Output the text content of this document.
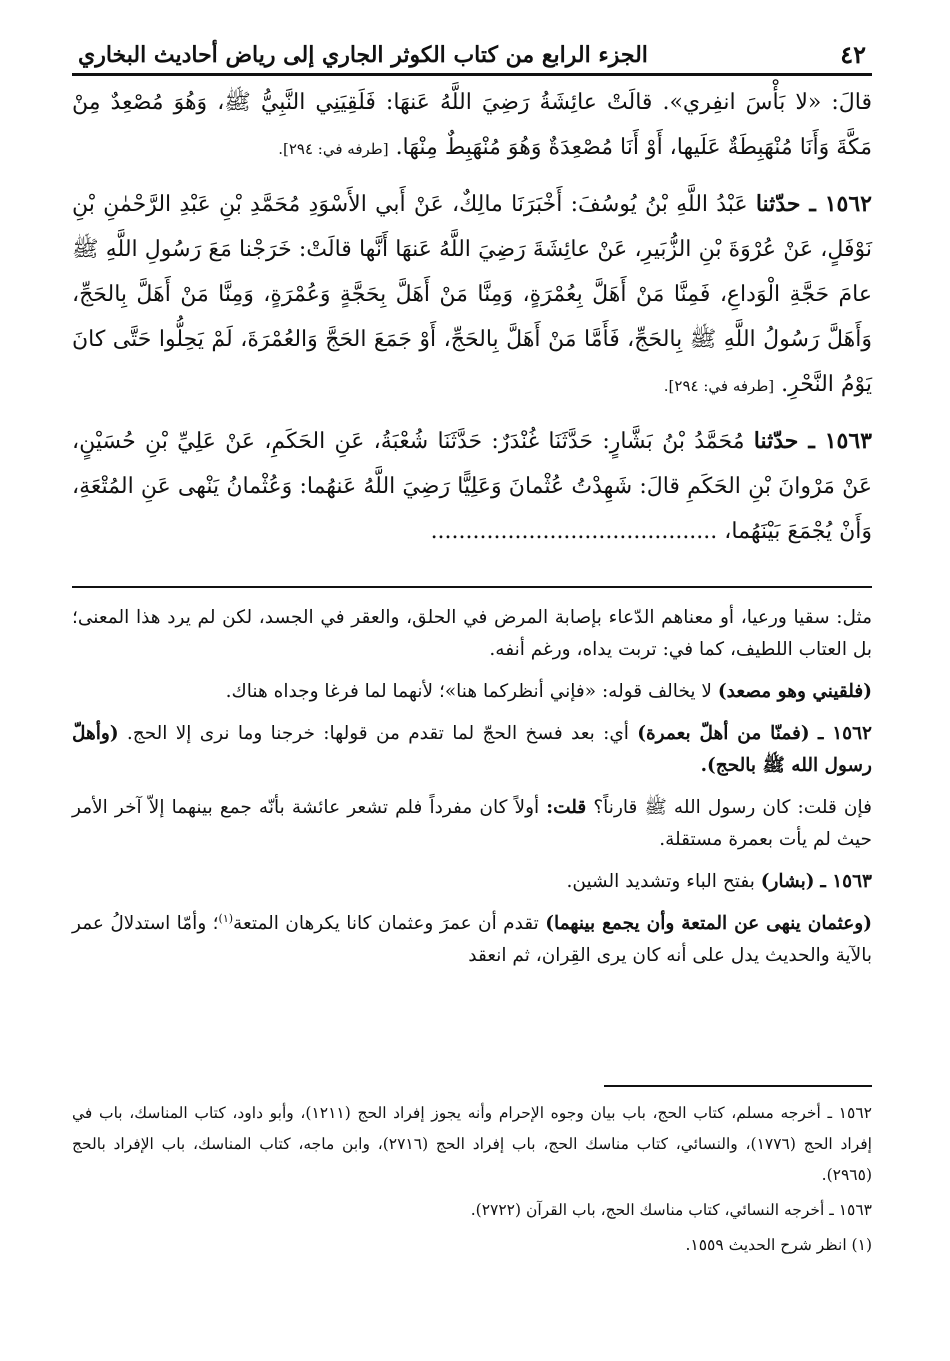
٤٢
الجزء الرابع من كتاب الكوثر الجاري إلى رياض أحاديث البخاري

قالَ: «لا بَأْسَ انفِري». قالَتْ عائِشَةُ رَضِيَ اللَّهُ عَنهَا: فَلَقِيَنِي النَّبِيُّ ﷺ، وَهُوَ مُصْعِدٌ مِنْ مَكَّةَ وَأَنَا مُنْهَبِطَةٌ عَلَيها، أَوْ أَنَا مُصْعِدَةٌ وَهُوَ مُنْهَبِطٌ مِنْهَا. [طرفه في: ٢٩٤].

١٥٦٢ ـ حدّثنا عَبْدُ اللَّهِ بْنُ يُوسُفَ: أَخْبَرَنَا مالِكٌ، عَنْ أَبي الأَسْوَدِ مُحَمَّدِ بْنِ عَبْدِ الرَّحْمٰنِ بْنِ نَوْفَلٍ، عَنْ عُرْوَةَ بْنِ الزُّبَيرِ، عَنْ عائِشَةَ رَضِيَ اللَّهُ عَنهَا أَنَّها قالَتْ: خَرَجْنا مَعَ رَسُولِ اللَّهِ ﷺ عامَ حَجَّةِ الْوَداعِ، فَمِنَّا مَنْ أَهَلَّ بِعُمْرَةٍ، وَمِنَّا مَنْ أَهَلَّ بِحَجَّةٍ وَعُمْرَةٍ، وَمِنَّا مَنْ أَهَلَّ بِالحَجِّ، وَأَهَلَّ رَسُولُ اللَّهِ ﷺ بِالحَجِّ، فَأَمَّا مَنْ أَهَلَّ بِالحَجِّ، أَوْ جَمَعَ الحَجَّ وَالعُمْرَةَ، لَمْ يَحِلُّوا حَتَّى كانَ يَوْمُ النَّحْرِ. [طرفه في: ٢٩٤].

١٥٦٣ ـ حدّثنا مُحَمَّدُ بْنُ بَشَّارٍ: حَدَّثَنَا غُنْدَرٌ: حَدَّثَنَا شُعْبَةُ، عَنِ الحَكَمِ، عَنْ عَلِيِّ بْنِ حُسَيْنٍ، عَنْ مَرْوانَ بْنِ الحَكَمِ قالَ: شَهِدْتُ عُثْمانَ وَعَلِيًّا رَضِيَ اللَّهُ عَنهُما: وَعُثْمانُ يَنْهى عَنِ المُتْعَةِ، وَأَنْ يُجْمَعَ بَيْنَهُما، .........................................

مثل: سقيا ورعيا، أو معناهم الدّعاء بإصابة المرض في الحلق، والعقر في الجسد، لكن لم يرد هذا المعنى؛ بل العتاب اللطيف، كما في: تربت يداه، ورغم أنفه.

(فلقيني وهو مصعد) لا يخالف قوله: «فإني أنظركما هنا»؛ لأنهما لما فرغا وجداه هناك.

١٥٦٢ ـ (فمنّا من أهلّ بعمرة) أي: بعد فسخ الحجّ لما تقدم من قولها: خرجنا وما نرى إلا الحج. (وأهلّ رسول الله ﷺ بالحج).

فإن قلت: كان رسول الله ﷺ قارناً؟ قلت: أولاً كان مفرداً فلم تشعر عائشة بأنّه جمع بينهما إلاّ آخر الأمر حيث لم يأت بعمرة مستقلة.

١٥٦٣ ـ (بشار) بفتح الباء وتشديد الشين.

(وعثمان ينهى عن المتعة وأن يجمع بينهما) تقدم أن عمرَ وعثمان كانا يكرهان المتعة$^{(١)}$؛ وأمّا استدلالُ عمر بالآية والحديث يدل على أنه كان يرى القِران، ثم انعقد

١٥٦٢ ـ أخرجه مسلم، كتاب الحج، باب بيان وجوه الإحرام وأنه يجوز إفراد الحج (١٢١١)، وأبو داود، كتاب المناسك، باب في إفراد الحج (١٧٧٦)، والنسائي، كتاب مناسك الحج، باب إفراد الحج (٢٧١٦)، وابن ماجه، كتاب المناسك، باب الإفراد بالحج (٢٩٦٥).

١٥٦٣ ـ أخرجه النسائي، كتاب مناسك الحج، باب القرآن (٢٧٢٢).

(١) انظر شرح الحديث ١٥٥٩.
